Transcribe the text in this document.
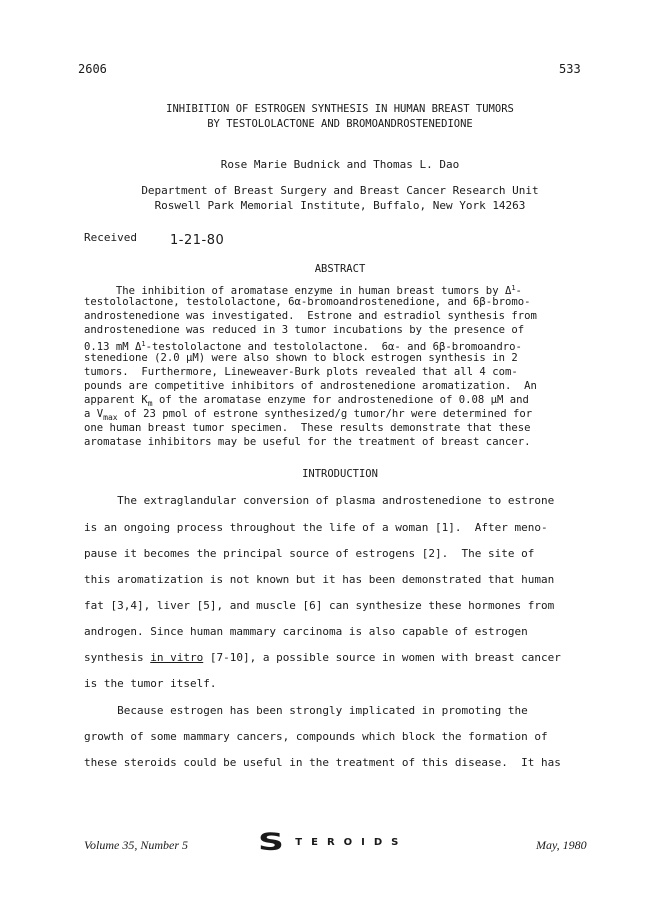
2606	533
INHIBITION OF ESTROGEN SYNTHESIS IN HUMAN BREAST TUMORS
BY TESTOLOLACTONE AND BROMOANDROSTENEDIONE
Rose Marie Budnick and Thomas L. Dao
Department of Breast Surgery and Breast Cancer Research Unit
Roswell Park Memorial Institute, Buffalo, New York 14263
Received	1-21-80
ABSTRACT
The inhibition of aromatase enzyme in human breast tumors by $\Delta^1-$
testololactone, testololactone, 6α-bromoandrostenedione, and 6β-bromo-
androstenedione was investigated.  Estrone and estradiol synthesis from
androstenedione was reduced in 3 tumor incubations by the presence of
0.13 mM $\Delta^1$-testololactone and testololactone.  6α- and 6β-bromoandro-
stenedione (2.0 μM) were also shown to block estrogen synthesis in 2
tumors.  Furthermore, Lineweaver-Burk plots revealed that all 4 com-
pounds are competitive inhibitors of androstenedione aromatization.  An
apparent $K_m$ of the aromatase enzyme for androstenedione of 0.08 μM and
a $V_{max}$ of 23 pmol of estrone synthesized/g tumor/hr were determined for
one human breast tumor specimen.  These results demonstrate that these
aromatase inhibitors may be useful for the treatment of breast cancer.
INTRODUCTION
The extraglandular conversion of plasma androstenedione to estrone
is an ongoing process throughout the life of a woman [1].  After meno-
pause it becomes the principal source of estrogens [2].  The site of
this aromatization is not known but it has been demonstrated that human
fat [3,4], liver [5], and muscle [6] can synthesize these hormones from
androgen. Since human mammary carcinoma is also capable of estrogen
synthesis in vitro [7-10], a possible source in women with breast cancer
is the tumor itself.
Because estrogen has been strongly implicated in promoting the
growth of some mammary cancers, compounds which block the formation of
these steroids could be useful in the treatment of this disease.  It has
Volume 35, Number 5	S TEROIDS	May, 1980
